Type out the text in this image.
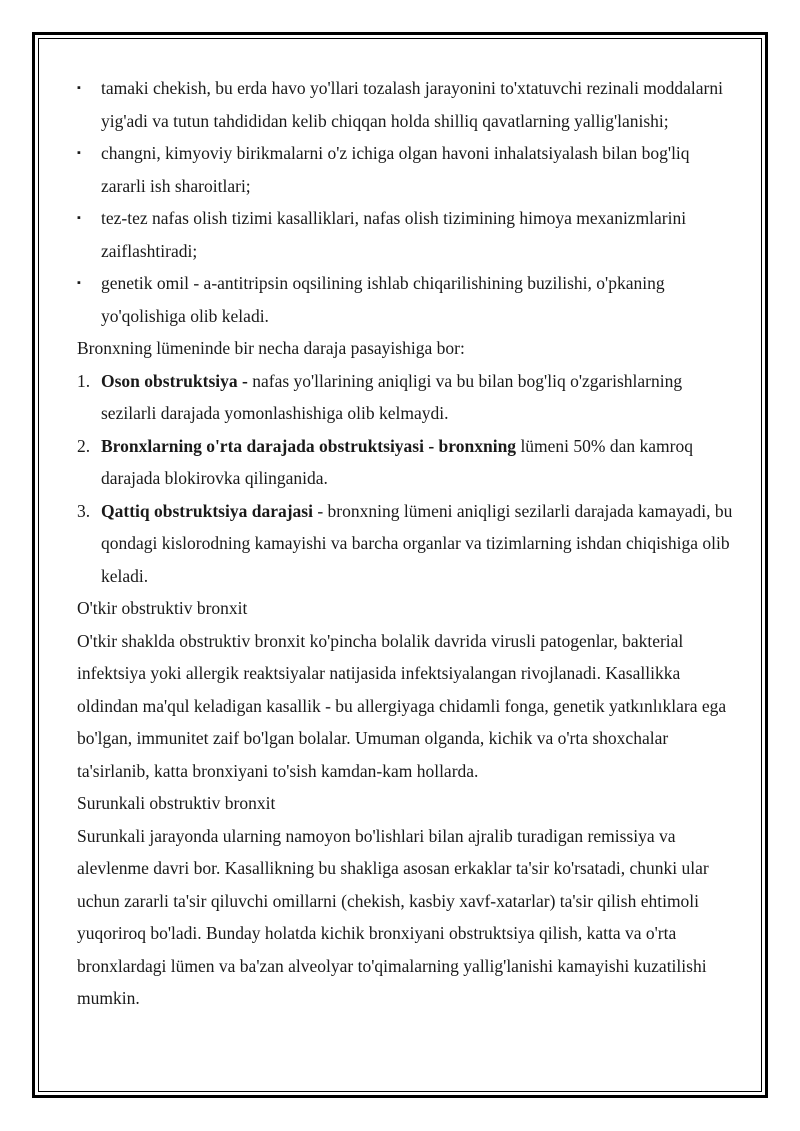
▪ tamaki chekish, bu erda havo yo'llari tozalash jarayonini to'xtatuvchi rezinali moddalarni yig'adi va tutun tahdididan kelib chiqqan holda shilliq qavatlarning yallig'lanishi;
▪ changni, kimyoviy birikmalarni o'z ichiga olgan havoni inhalatsiyalash bilan bog'liq zararli ish sharoitlari;
▪ tez-tez nafas olish tizimi kasalliklari, nafas olish tizimining himoya mexanizmlarini zaiflashtiradi;
▪ genetik omil - a-antitripsin oqsilining ishlab chiqarilishining buzilishi, o'pkaning yo'qolishiga olib keladi.

Bronxning lümeninde bir necha daraja pasayishiga bor:

1. Oson obstruktsiya - nafas yo'llarining aniqligi va bu bilan bog'liq o'zgarishlarning sezilarli darajada yomonlashishiga olib kelmaydi.
2. Bronxlarning o'rta darajada obstruktsiyasi - bronxning lümeni 50% dan kamroq darajada blokirovka qilinganida.
3. Qattiq obstruktsiya darajasi - bronxning lümeni aniqligi sezilarli darajada kamayadi, bu qondagi kislorodning kamayishi va barcha organlar va tizimlarning ishdan chiqishiga olib keladi.

O'tkir obstruktiv bronxit

O'tkir shaklda obstruktiv bronxit ko'pincha bolalik davrida virusli patogenlar, bakterial infektsiya yoki allergik reaktsiyalar natijasida infektsiyalangan rivojlanadi. Kasallikka oldindan ma'qul keladigan kasallik - bu allergiyaga chidamli fonga, genetik yatkınlıklara ega bo'lgan, immunitet zaif bo'lgan bolalar. Umuman olganda, kichik va o'rta shoxchalar ta'sirlanib, katta bronxiyani to'sish kamdan-kam hollarda.

Surunkali obstruktiv bronxit

Surunkali jarayonda ularning namoyon bo'lishlari bilan ajralib turadigan remissiya va alevlenme davri bor. Kasallikning bu shakliga asosan erkaklar ta'sir ko'rsatadi, chunki ular uchun zararli ta'sir qiluvchi omillarni (chekish, kasbiy xavf-xatarlar) ta'sir qilish ehtimoli yuqoriroq bo'ladi. Bunday holatda kichik bronxiyani obstruktsiya qilish, katta va o'rta bronxlardagi lümen va ba'zan alveolyar to'qimalarning yallig'lanishi kamayishi kuzatilishi mumkin.
